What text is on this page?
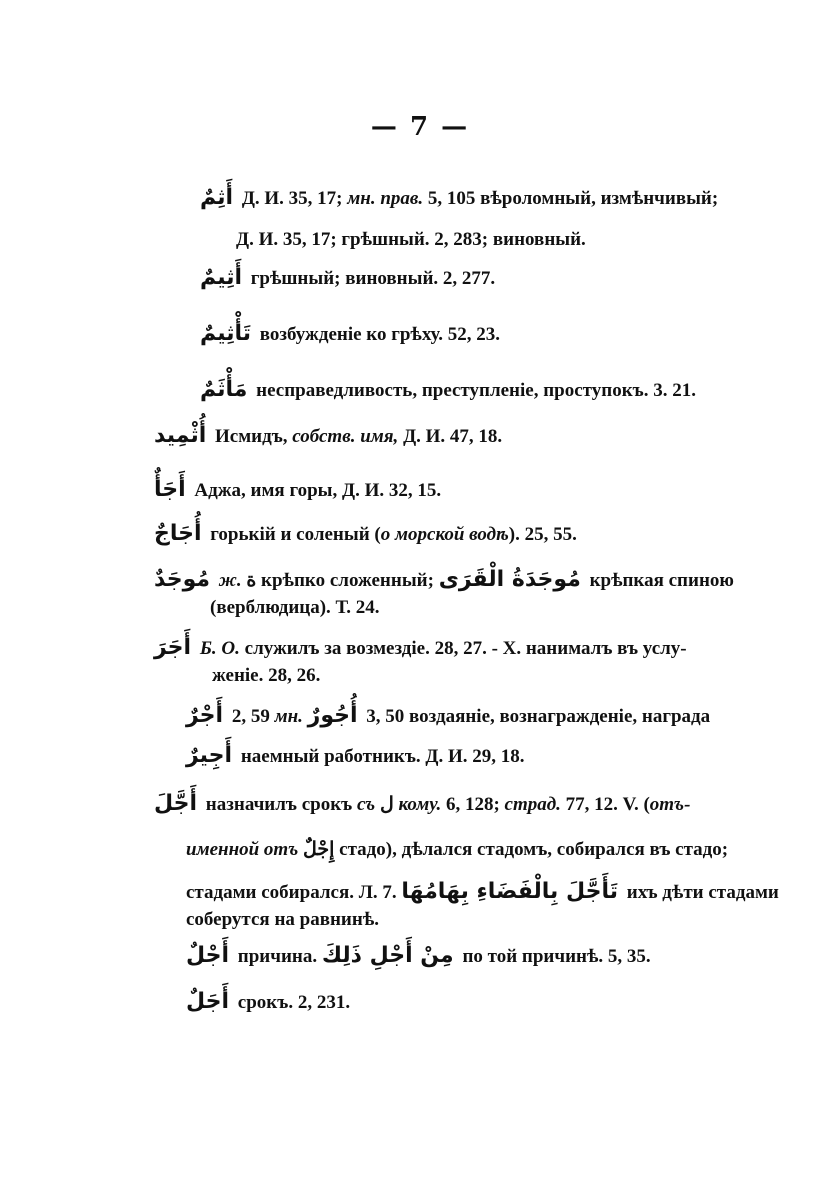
— 7 —
أَثِمٌ Д. И. 35, 17; мн. прав. 5, 105 вѣроломный, измѣнчивый;
Д. И. 35, 17; грѣшный. 2, 283; виновный.
أَثِيمٌ грѣшный; виновный. 2, 277.
تَأْثِيمٌ возбужденіе ко грѣху. 52, 23.
مَأْثَمٌ несправедливость, преступленіе, проступокъ. 3. 21.
أُثْمِيد Исмидъ, собств. имя, Д. И. 47, 18.
أَجَأٌ Аджа, имя горы, Д. И. 32, 15.
أُجَاجٌ горькій и соленый (о морской водѣ). 25, 55.
مُوجَدٌ ж. ة крѣпко сложенный; مُوجَدَةُ الْقَرَى крѣпкая спиною
(верблюдица). Т. 24.
أَجَرَ Б. О. служилъ за возмездіе. 28, 27. - X. нанималъ въ услу-
женіе. 28, 26.
أَجْرٌ 2, 59 мн. أُجُورٌ 3, 50 воздаяніе, вознагражденіе, награда
أَجِيرٌ наемный работникъ. Д. И. 29, 18.
أَجَّلَ назначилъ срокъ съ ل кому. 6, 128; страд. 77, 12. V. (отъ-
именной отъ إِجْلٌ стадо), дѣлался стадомъ, собирался въ стадо;
стадами собирался. Л. 7. تَأَجَّلَ بِالْفَضَاءِ بِهَامُهَا ихъ дѣти стадами
соберутся на равнинѣ.
أَجْلٌ причина. مِنْ أَجْلِ ذَلِكَ по той причинѣ. 5, 35.
أَجَلٌ срокъ. 2, 231.
